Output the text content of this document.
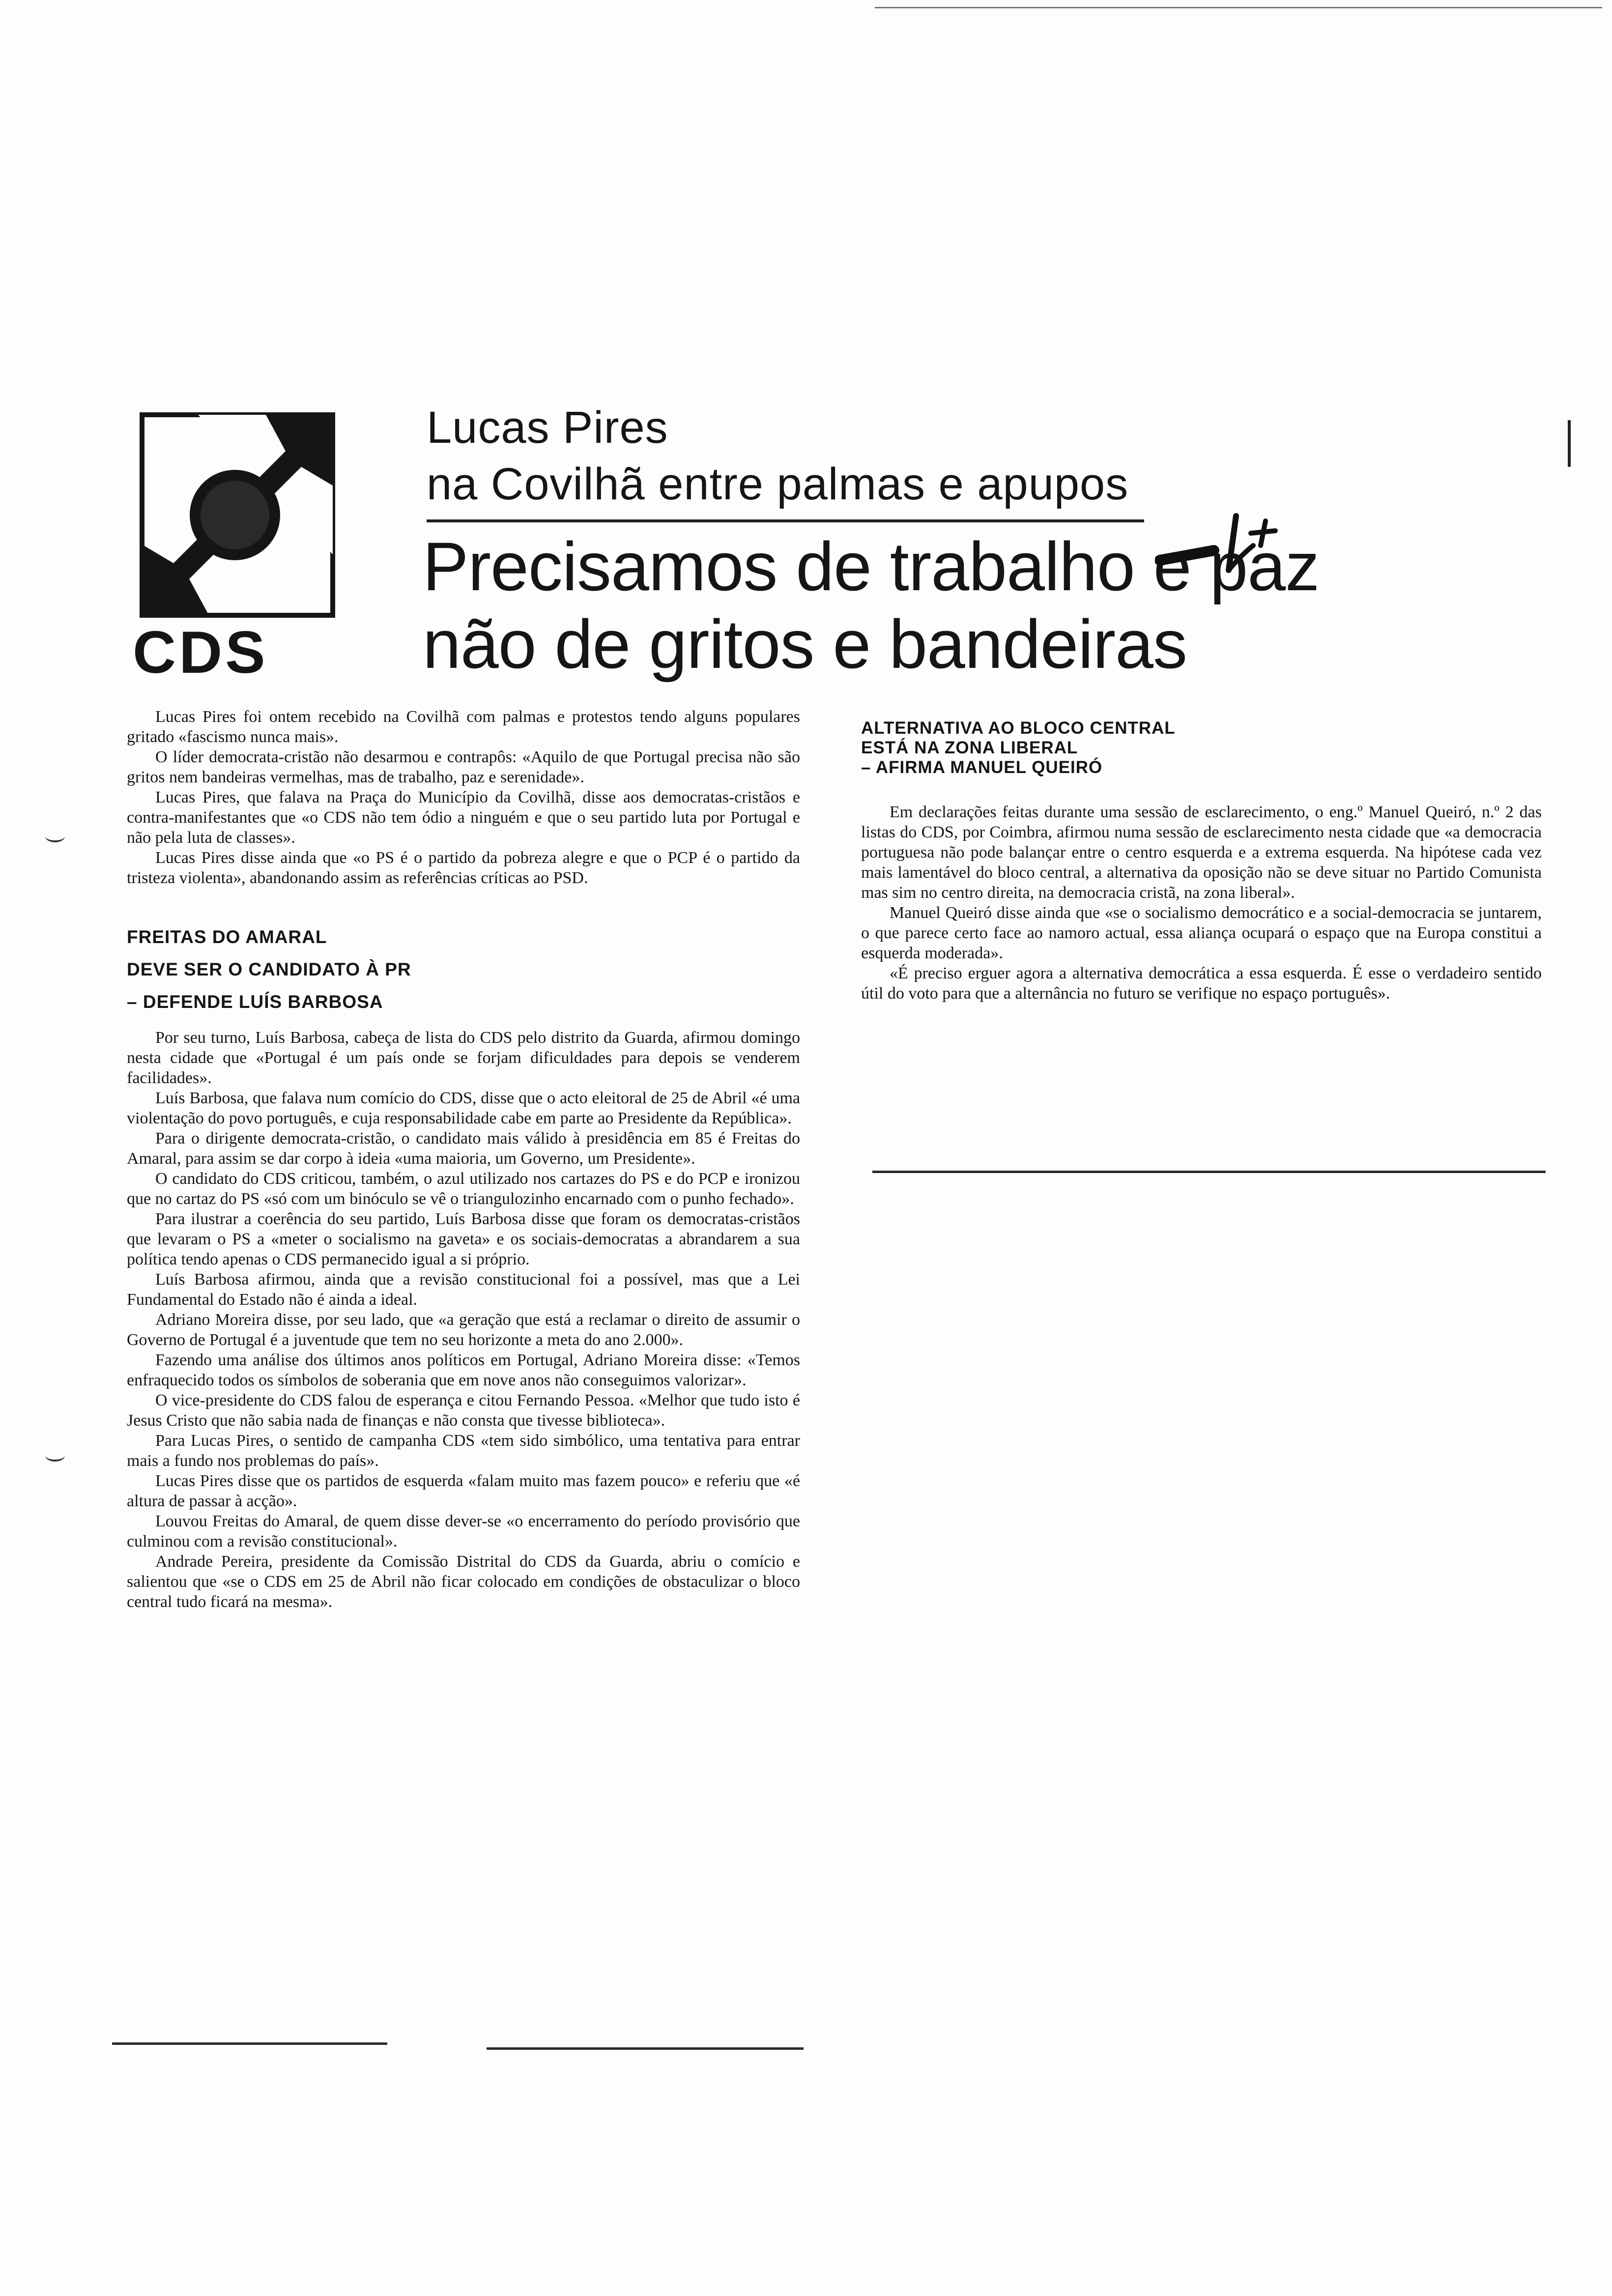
CDS
Lucas Pires
na Covilhã entre palmas e apupos
Precisamos de trabalho e paz
não de gritos e bandeiras

Lucas Pires foi ontem recebido na Covilhã com palmas e protestos tendo alguns populares gritado «fascismo nunca mais».

O líder democrata-cristão não desarmou e contrapôs: «Aquilo de que Portugal precisa não são gritos nem bandeiras vermelhas, mas de trabalho, paz e serenidade».

Lucas Pires, que falava na Praça do Município da Covilhã, disse aos democratas-cristãos e contra-manifestantes que «o CDS não tem ódio a ninguém e que o seu partido luta por Portugal e não pela luta de classes».

Lucas Pires disse ainda que «o PS é o partido da pobreza alegre e que o PCP é o partido da tristeza violenta», abandonando assim as referências críticas ao PSD.

FREITAS DO AMARAL
DEVE SER O CANDIDATO À PR
– DEFENDE LUÍS BARBOSA

Por seu turno, Luís Barbosa, cabeça de lista do CDS pelo distrito da Guarda, afirmou domingo nesta cidade que «Portugal é um país onde se forjam dificuldades para depois se venderem facilidades».

Luís Barbosa, que falava num comício do CDS, disse que o acto eleitoral de 25 de Abril «é uma violentação do povo português, e cuja responsabilidade cabe em parte ao Presidente da República».

Para o dirigente democrata-cristão, o candidato mais válido à presidência em 85 é Freitas do Amaral, para assim se dar corpo à ideia «uma maioria, um Governo, um Presidente».

O candidato do CDS criticou, também, o azul utilizado nos cartazes do PS e do PCP e ironizou que no cartaz do PS «só com um binóculo se vê o triangulozinho encarnado com o punho fechado».

Para ilustrar a coerência do seu partido, Luís Barbosa disse que foram os democratas-cristãos que levaram o PS a «meter o socialismo na gaveta» e os sociais-democratas a abrandarem a sua política tendo apenas o CDS permanecido igual a si próprio.

Luís Barbosa afirmou, ainda que a revisão constitucional foi a possível, mas que a Lei Fundamental do Estado não é ainda a ideal.

Adriano Moreira disse, por seu lado, que «a geração que está a reclamar o direito de assumir o Governo de Portugal é a juventude que tem no seu horizonte a meta do ano 2.000».

Fazendo uma análise dos últimos anos políticos em Portugal, Adriano Moreira disse: «Temos enfraquecido todos os símbolos de soberania que em nove anos não conseguimos valorizar».

O vice-presidente do CDS falou de esperança e citou Fernando Pessoa. «Melhor que tudo isto é Jesus Cristo que não sabia nada de finanças e não consta que tivesse biblioteca».

Para Lucas Pires, o sentido de campanha CDS «tem sido simbólico, uma tentativa para entrar mais a fundo nos problemas do país».

Lucas Pires disse que os partidos de esquerda «falam muito mas fazem pouco» e referiu que «é altura de passar à acção».

Louvou Freitas do Amaral, de quem disse dever-se «o encerramento do período provisório que culminou com a revisão constitucional».

Andrade Pereira, presidente da Comissão Distrital do CDS da Guarda, abriu o comício e salientou que «se o CDS em 25 de Abril não ficar colocado em condições de obstaculizar o bloco central tudo ficará na mesma».

ALTERNATIVA AO BLOCO CENTRAL
ESTÁ NA ZONA LIBERAL
– AFIRMA MANUEL QUEIRÓ

Em declarações feitas durante uma sessão de esclarecimento, o eng.º Manuel Queiró, n.º 2 das listas do CDS, por Coimbra, afirmou numa sessão de esclarecimento nesta cidade que «a democracia portuguesa não pode balançar entre o centro esquerda e a extrema esquerda. Na hipótese cada vez mais lamentável do bloco central, a alternativa da oposição não se deve situar no Partido Comunista mas sim no centro direita, na democracia cristã, na zona liberal».

Manuel Queiró disse ainda que «se o socialismo democrático e a social-democracia se juntarem, o que parece certo face ao namoro actual, essa aliança ocupará o espaço que na Europa constitui a esquerda moderada».

«É preciso erguer agora a alternativa democrática a essa esquerda. É esse o verdadeiro sentido útil do voto para que a alternância no futuro se verifique no espaço português».
